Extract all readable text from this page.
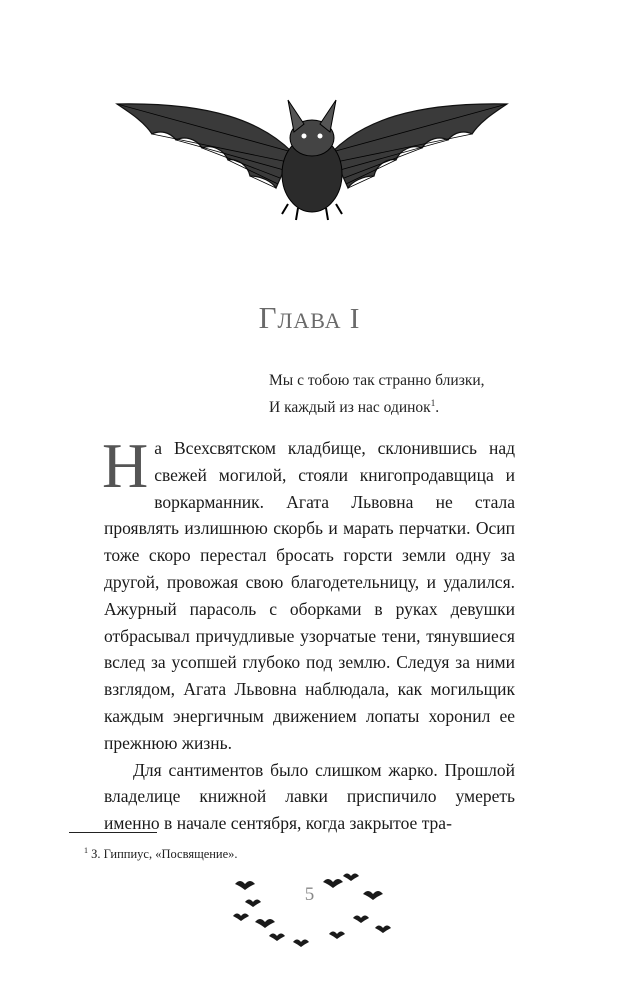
ГЛАВА I
Мы с тобою так странно близки,
И каждый из нас одинок$^1$.

На Всехсвятском кладбище, склонившись над свежей могилой, стояли книгопродавщица и воркарманник. Агата Львовна не стала проявлять излишнюю скорбь и марать перчатки. Осип тоже скоро перестал бросать горсти земли одну за другой, провожая свою благодетельницу, и удалился. Ажурный парасоль с оборками в руках девушки отбрасывал причудливые узорчатые тени, тянувшиеся вслед за усопшей глубоко под землю. Следуя за ними взглядом, Агата Львовна наблюдала, как могильщик каждым энергичным движением лопаты хоронил ее прежнюю жизнь.

Для сантиментов было слишком жарко. Прошлой владелице книжной лавки приспичило умереть именно в начале сентября, когда закрытое тра-

$^1$ З. Гиппиус, «Посвящение».
5
